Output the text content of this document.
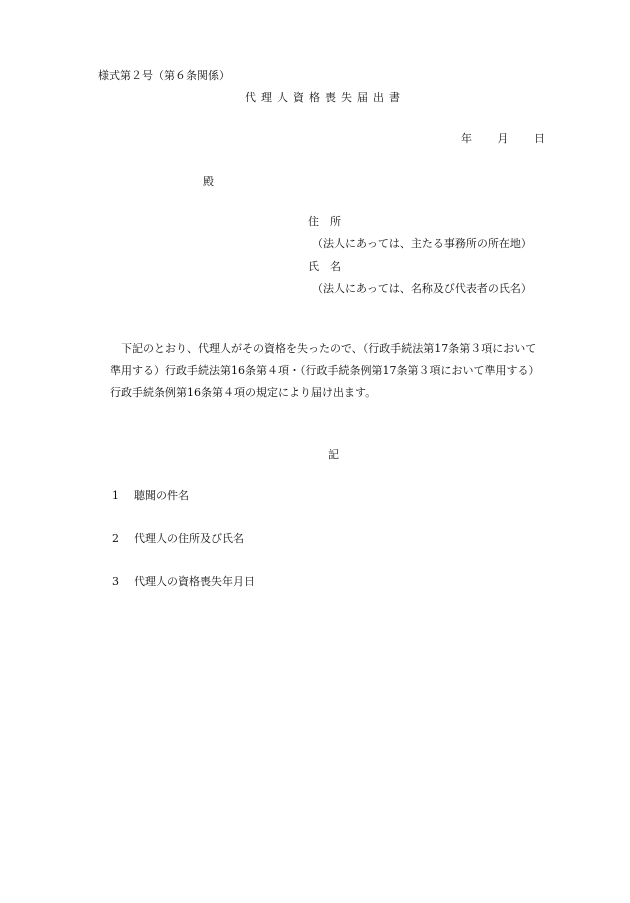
様式第２号（第６条関係）
代理人資格喪失届出書
年 月 日
殿
住　所
（法人にあっては、主たる事務所の所在地）
氏　名
（法人にあっては、名称及び代表者の氏名）
下記のとおり、代理人がその資格を失ったので、（行政手続法第17条第３項において
準用する）行政手続法第16条第４項・（行政手続条例第17条第３項において準用する）
行政手続条例第16条第４項の規定により届け出ます。
記
1 聴聞の件名
2 代理人の住所及び氏名
3 代理人の資格喪失年月日
